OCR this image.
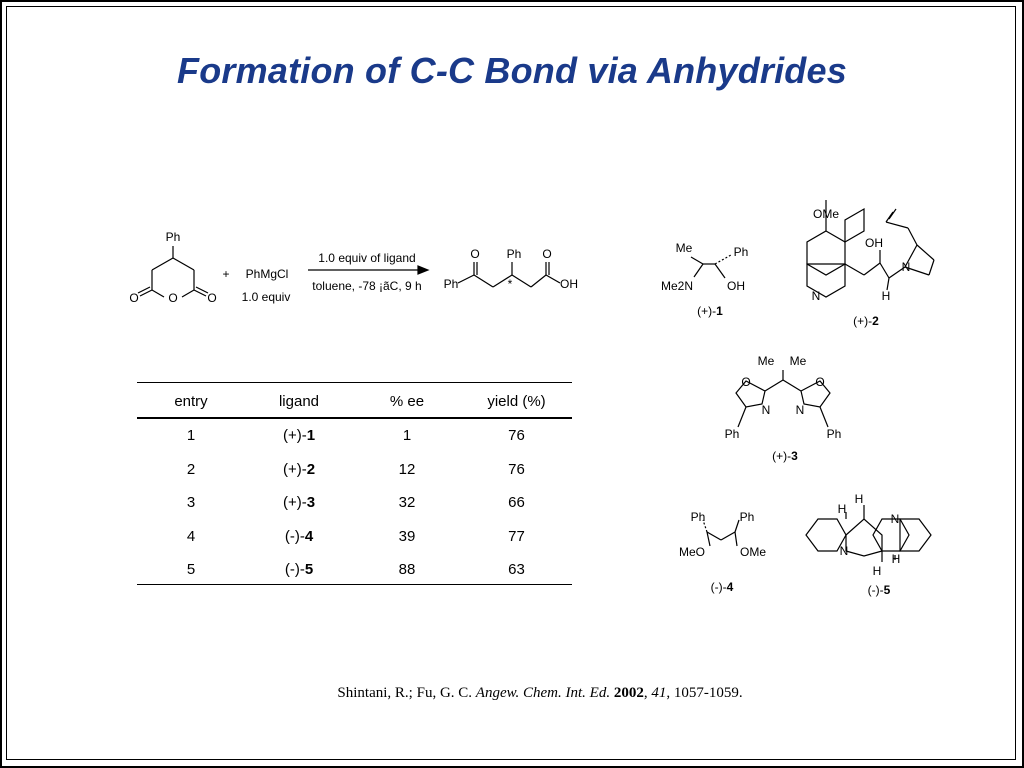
Formation of C-C Bond via Anhydrides
Ph
O O O
+ PhMgCl
1.0 equiv
1.0 equiv of ligand
toluene, -78 ¡ãC, 9 h Ph
O Ph O
OH
*
Me	Ph
Me2N	OH
(+)-1
OMe
OH
N
N
H
(+)-2
Me Me
O	O
N N
Ph	Ph
(+)-3
Ph	Ph
MeO	OMe
(-)-4
H
H
H
H
N
N
(-)-5
entry	ligand	% ee	yield (%)
1	(+)-1	1	76
2	(+)-2	12	76
3	(+)-3	32	66
4	(-)-4	39	77
5	(-)-5	88	63
Shintani, R.; Fu, G. C. Angew. Chem. Int. Ed. 2002, 41, 1057-1059.
